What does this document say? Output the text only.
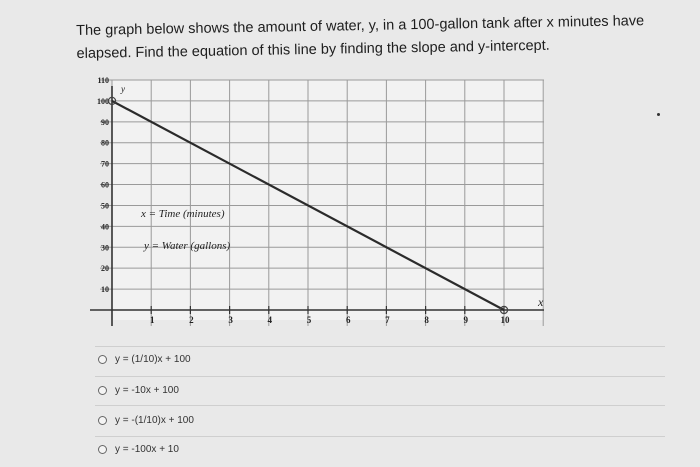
The graph below shows the amount of water, y, in a 100-gallon tank after x minutes have elapsed. Find the equation of this line by finding the slope and y-intercept.
1	2	3	4	5	6	7	8	9	10
10
20
30
40
50
60
70
80
90
100
110
x
y
x = Time (minutes)
y = Water (gallons)
y = (1/10)x + 100
y = -10x + 100
y = -(1/10)x + 100
y = -100x + 10
